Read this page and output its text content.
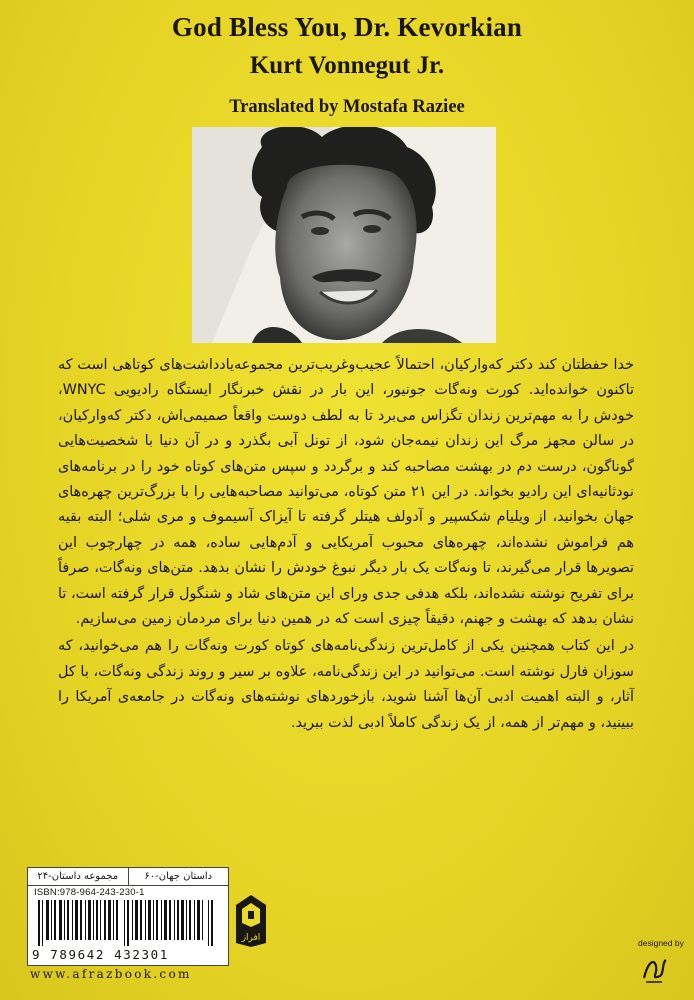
God Bless You, Dr. Kevorkian
Kurt Vonnegut Jr.
Translated by Mostafa Raziee

خدا حفظتان کند دکتر که‌وارکیان، احتمالاً عجیب‌وغریب‌ترین مجموعه‌یادداشت‌های کوتاهی است که تاکنون خوانده‌اید. کورت ونه‌گات جونیور، این بار در نقش خبرنگار ایستگاه رادیویی WNYC، خودش را به مهم‌ترین زندان تگزاس می‌برد تا به لطف دوست واقعاً صمیمی‌اش، دکتر که‌وارکیان، در سالن مجهز مرگ این زندان نیمه‌جان شود، از تونل آبی بگذرد و در آن دنیا با شخصیت‌هایی گوناگون، درست دم در بهشت مصاحبه کند و برگردد و سپس متن‌های کوتاه خود را در برنامه‌های نودثانیه‌ای این رادیو بخواند. در این ۲۱ متن کوتاه، می‌توانید مصاحبه‌هایی را با بزرگ‌ترین چهره‌های جهان بخوانید، از ویلیام شکسپیر و آدولف هیتلر گرفته تا آیزاک آسیموف و مری شلی؛ البته بقیه هم فراموش نشده‌اند، چهره‌های محبوب آمریکایی و آدم‌هایی ساده، همه در چهارچوب این تصویرها قرار می‌گیرند، تا ونه‌گات یک بار دیگر نبوغ خودش را نشان بدهد. متن‌های ونه‌گات، صرفاً برای تفریح نوشته نشده‌اند، بلکه هدفی جدی ورای این متن‌های شاد و شنگول قرار گرفته است، تا نشان بدهد که بهشت و جهنم، دقیقاً چیزی است که در همین دنیا برای مردمان زمین می‌سازیم.

در این کتاب همچنین یکی از کامل‌ترین زندگی‌نامه‌های کوتاه کورت ونه‌گات را هم می‌خوانید، که سوزان فارل نوشته است. می‌توانید در این زندگی‌نامه، علاوه بر سیر و روند زندگی ونه‌گات، با کل آثار، و البته اهمیت ادبی آن‌ها آشنا شوید، بازخوردهای نوشته‌های ونه‌گات در جامعه‌ی آمریکا را ببینید، و مهم‌تر از همه، از یک زندگی کاملاً ادبی لذت ببرید.

داستان جهان-۶۰
مجموعه داستان-۲۴
ISBN:978-964-243-230-1
9 789642 432301
افراز
www.afrazbook.com
designed by
